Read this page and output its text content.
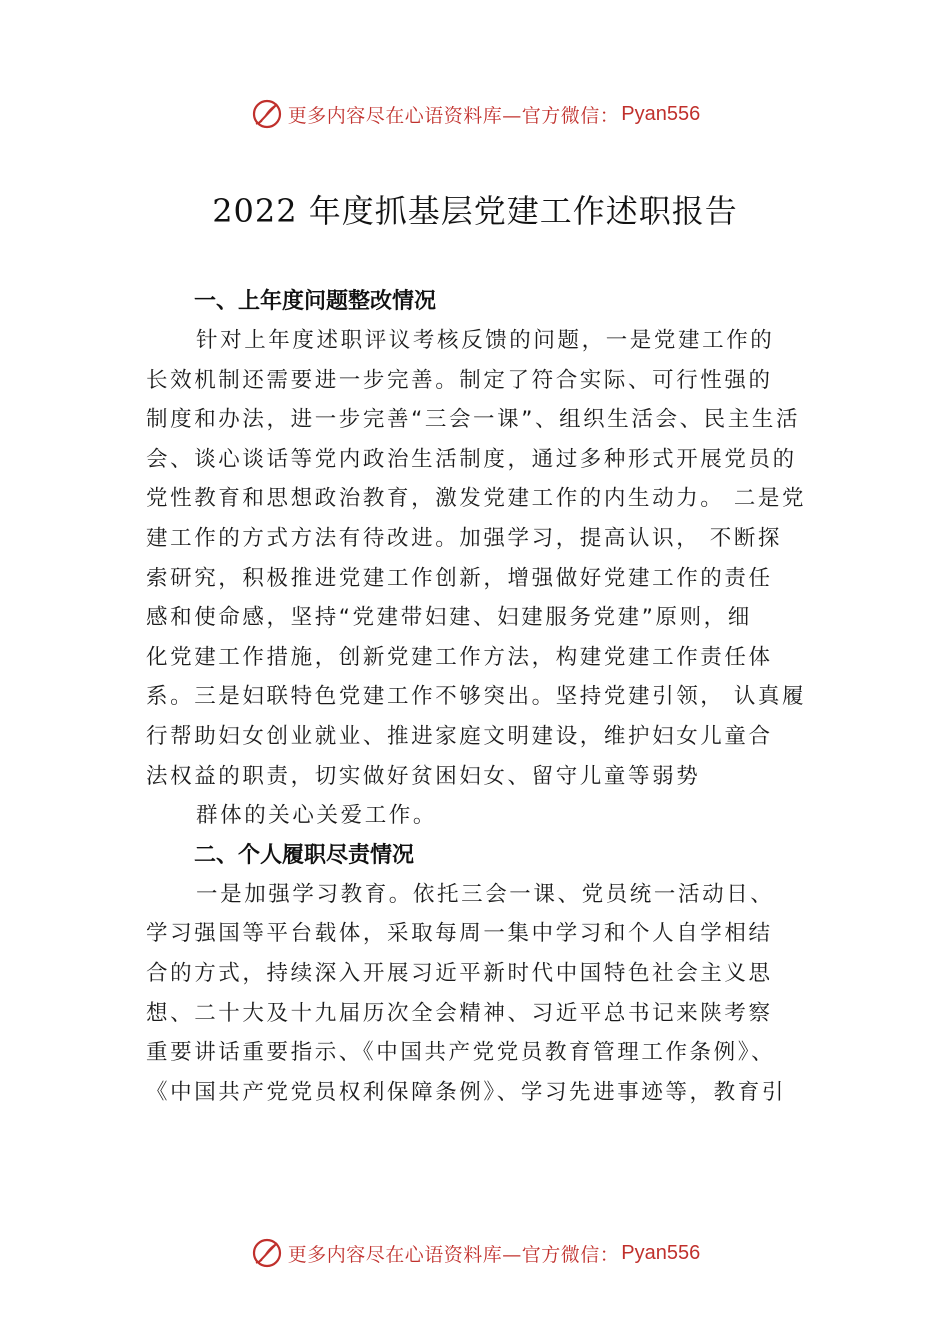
更多内容尽在心语资料库—官方微信： Pyan556
2022 年度抓基层党建工作述职报告
一、上年度问题整改情况
针对上年度述职评议考核反馈的问题，一是党建工作的
长效机制还需要进一步完善。制定了符合实际、可行性强的
制度和办法，进一步完善“三会一课”、组织生活会、民主生活
会、谈心谈话等党内政治生活制度，通过多种形式开展党员的
党性教育和思想政治教育，激发党建工作的内生动力。 二是党
建工作的方式方法有待改进。加强学习，提高认识， 不断探
索研究，积极推进党建工作创新，增强做好党建工作的责任
感和使命感，坚持“党建带妇建、妇建服务党建”原则，细
化党建工作措施，创新党建工作方法，构建党建工作责任体
系。三是妇联特色党建工作不够突出。坚持党建引领， 认真履
行帮助妇女创业就业、推进家庭文明建设，维护妇女儿童合
法权益的职责，切实做好贫困妇女、留守儿童等弱势
群体的关心关爱工作。
二、个人履职尽责情况
一是加强学习教育。依托三会一课、党员统一活动日、
学习强国等平台载体，采取每周一集中学习和个人自学相结
合的方式，持续深入开展习近平新时代中国特色社会主义思
想、二十大及十九届历次全会精神、习近平总书记来陕考察
重要讲话重要指示、《中国共产党党员教育管理工作条例》、
《中国共产党党员权利保障条例》、学习先进事迹等，教育引
更多内容尽在心语资料库—官方微信： Pyan556
